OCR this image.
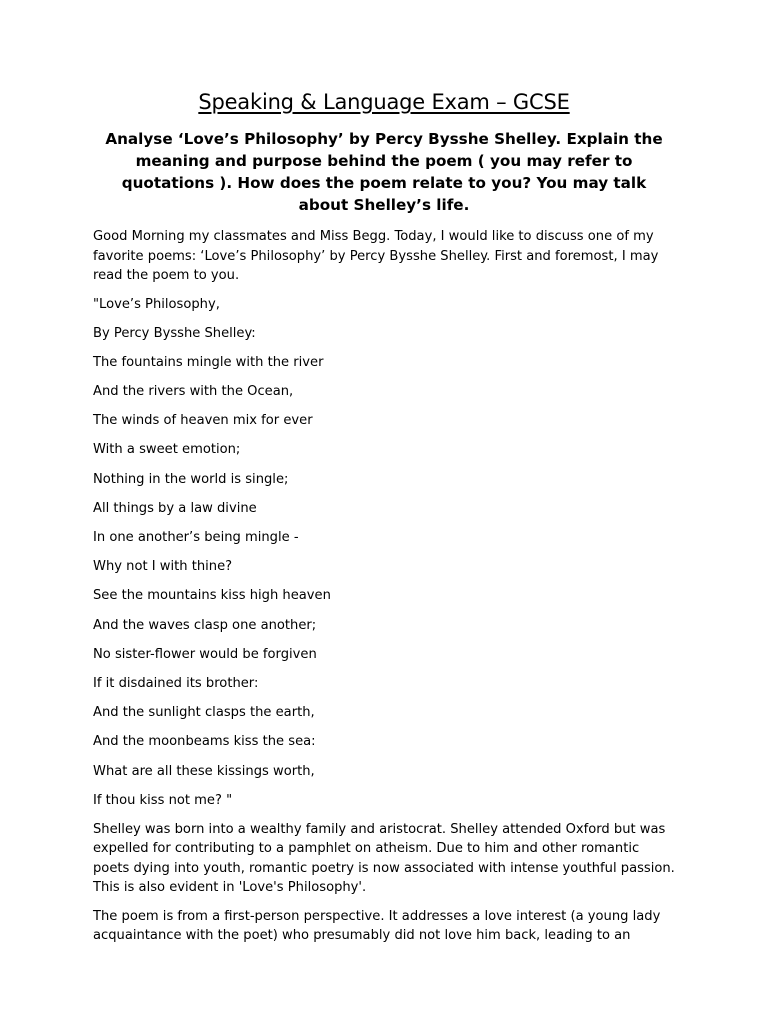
Speaking & Language Exam – GCSE
Analyse ‘Love’s Philosophy’ by Percy Bysshe Shelley. Explain the meaning and purpose behind the poem ( you may refer to quotations ). How does the poem relate to you? You may talk about Shelley’s life.

Good Morning my classmates and Miss Begg. Today, I would like to discuss one of my favorite poems: ‘Love’s Philosophy’ by Percy Bysshe Shelley. First and foremost, I may read the poem to you.

"Love’s Philosophy,

By Percy Bysshe Shelley:

The fountains mingle with the river

And the rivers with the Ocean,

The winds of heaven mix for ever

With a sweet emotion;

Nothing in the world is single;

All things by a law divine

In one another’s being mingle -

Why not I with thine?

See the mountains kiss high heaven

And the waves clasp one another;

No sister-flower would be forgiven

If it disdained its brother:

And the sunlight clasps the earth,

And the moonbeams kiss the sea:

What are all these kissings worth,

If thou kiss not me? "

Shelley was born into a wealthy family and aristocrat. Shelley attended Oxford but was expelled for contributing to a pamphlet on atheism. Due to him and other romantic poets dying into youth, romantic poetry is now associated with intense youthful passion. This is also evident in 'Love's Philosophy'.

The poem is from a first-person perspective. It addresses a love interest (a young lady acquaintance with the poet) who presumably did not love him back, leading to an
